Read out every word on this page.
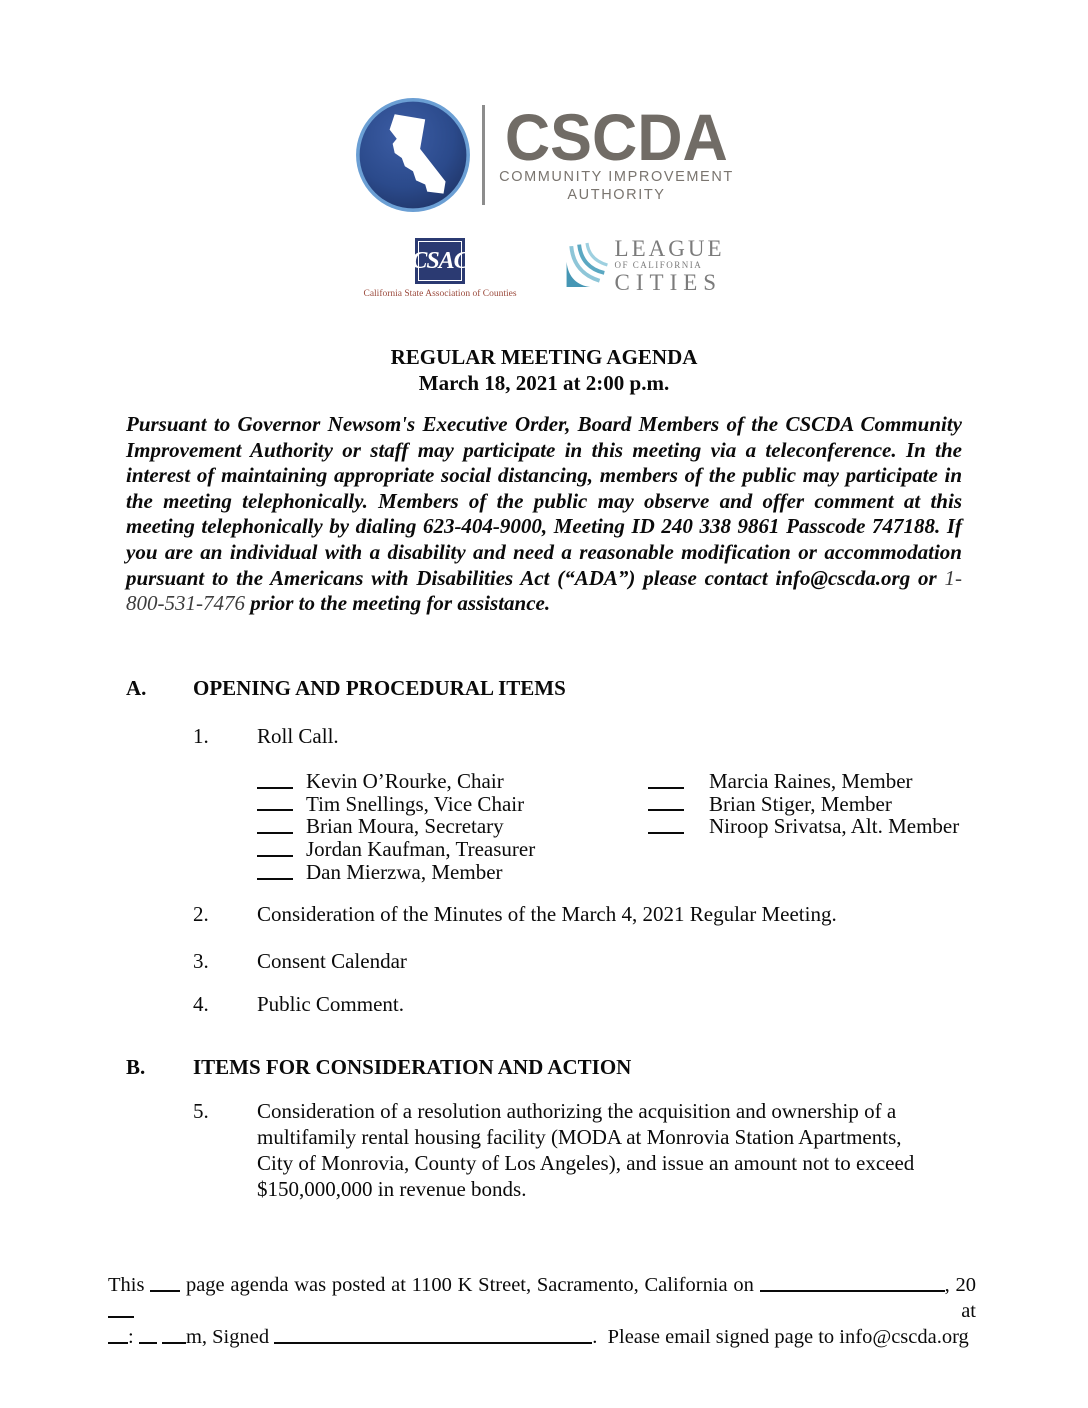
CSCDA
COMMUNITY IMPROVEMENT
AUTHORITY
CSAC
California State Association of Counties
LEAGUE
OF CALIFORNIA
CITIES
REGULAR MEETING AGENDA
March 18, 2021 at 2:00 p.m.

Pursuant to Governor Newsom's Executive Order, Board Members of the CSCDA Community Improvement Authority or staff may participate in this meeting via a teleconference. In the interest of maintaining appropriate social distancing, members of the public may participate in the meeting telephonically. Members of the public may observe and offer comment at this meeting telephonically by dialing 623-404-9000, Meeting ID 240 338 9861 Passcode 747188. If you are an individual with a disability and need a reasonable modification or accommodation pursuant to the Americans with Disabilities Act (“ADA”) please contact info@cscda.org or 1-800-531-7476 prior to the meeting for assistance.

A.	OPENING AND PROCEDURAL ITEMS
1.	Roll Call.
Kevin O’Rourke, Chair
Tim Snellings, Vice Chair
Brian Moura, Secretary
Jordan Kaufman, Treasurer
Dan Mierzwa, Member
Marcia Raines, Member
Brian Stiger, Member
Niroop Srivatsa, Alt. Member
2.	Consideration of the Minutes of the March 4, 2021 Regular Meeting.
3.	Consent Calendar
4.	Public Comment.
B.	ITEMS FOR CONSIDERATION AND ACTION
5.	Consideration of a resolution authorizing the acquisition and ownership of a multifamily rental housing facility (MODA at Monrovia Station Apartments, City of Monrovia, County of Los Angeles), and issue an amount not to exceed $150,000,000 in revenue bonds.
This page agenda was posted at 1100 K Street, Sacramento, California on	, 20 at
:	m, Signed	.  Please email signed page to info@cscda.org
